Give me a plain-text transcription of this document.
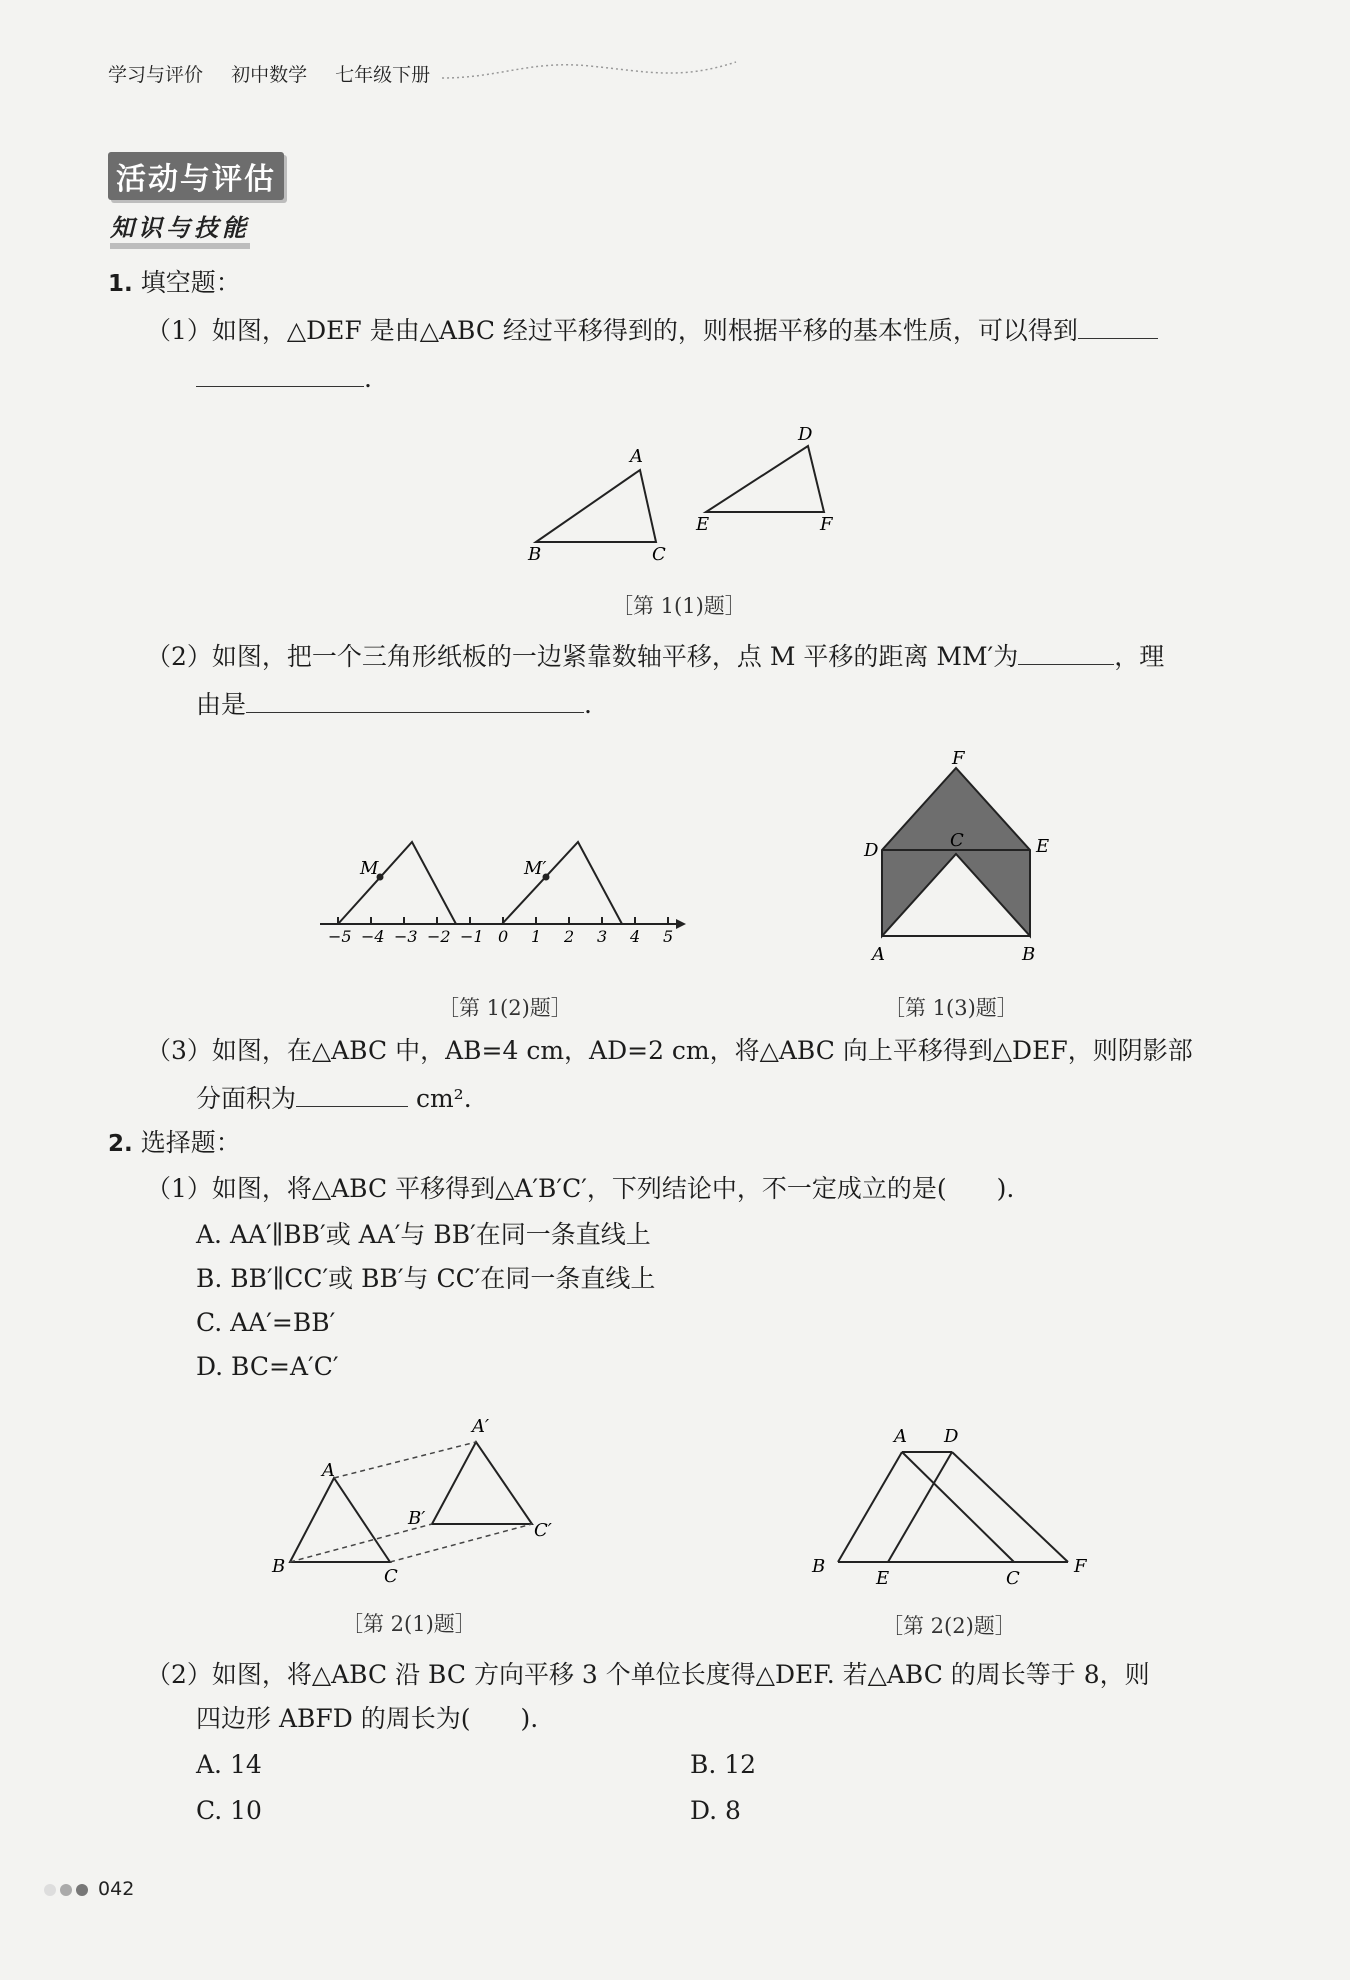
学习与评价 初中数学 七年级下册
活动与评估
知识与技能
1. 填空题：
（1）如图，△DEF 是由△ABC 经过平移得到的，则根据平移的基本性质，可以得到
.
A
B	C
D
E	F
［第 1(1)题］
（2）如图，把一个三角形纸板的一边紧靠数轴平移，点 M 平移的距离 MM′为	，理
由是	.
−5 −4 −3 −2 −1 0 1 2 3 4 5
M	M′
［第 1(2)题］
F
C
D	E
A	B
［第 1(3)题］
（3）如图，在△ABC 中，AB=4 cm，AD=2 cm，将△ABC 向上平移得到△DEF，则阴影部
分面积为	cm².
2. 选择题：
（1）如图，将△ABC 平移得到△A′B′C′，下列结论中，不一定成立的是(　　).
A. AA′∥BB′或 AA′与 BB′在同一条直线上
B. BB′∥CC′或 BB′与 CC′在同一条直线上
C. AA′=BB′
D. BC=A′C′
A′
A
B′
C′
B	C
［第 2(1)题］
A D
B
E	C
F
［第 2(2)题］
（2）如图，将△ABC 沿 BC 方向平移 3 个单位长度得△DEF. 若△ABC 的周长等于 8，则
四边形 ABFD 的周长为(　　).
A. 14	B. 12
C. 10	D. 8
042
